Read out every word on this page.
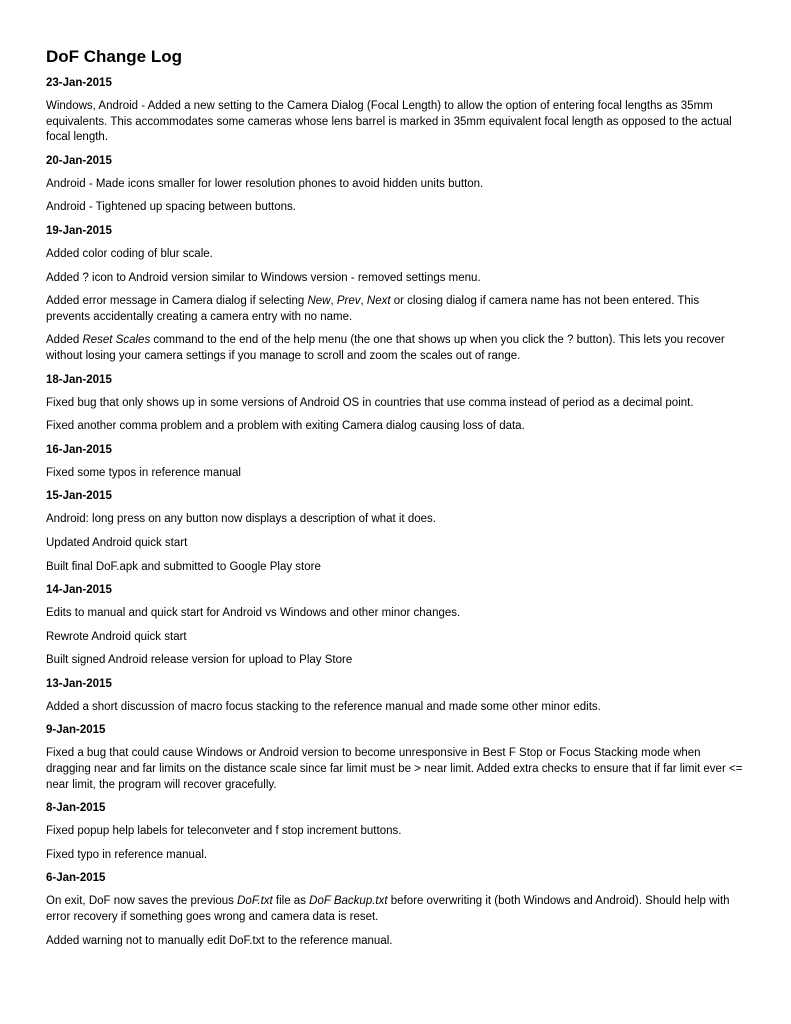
DoF Change Log
23-Jan-2015

Windows, Android - Added a new setting to the Camera Dialog (Focal Length) to allow the option of entering focal lengths as 35mm equivalents. This accommodates some cameras whose lens barrel is marked in 35mm equivalent focal length as opposed to the actual focal length.

20-Jan-2015

Android - Made icons smaller for lower resolution phones to avoid hidden units button.

Android - Tightened up spacing between buttons.

19-Jan-2015

Added color coding of blur scale.

Added ? icon to Android version similar to Windows version - removed settings menu.

Added error message in Camera dialog if selecting New, Prev, Next or closing dialog if camera name has not been entered. This prevents accidentally creating a camera entry with no name.

Added Reset Scales command to the end of the help menu (the one that shows up when you click the ? button). This lets you recover without losing your camera settings if you manage to scroll and zoom the scales out of range.

18-Jan-2015

Fixed bug that only shows up in some versions of Android OS in countries that use comma instead of period as a decimal point.

Fixed another comma problem and a problem with exiting Camera dialog causing loss of data.

16-Jan-2015

Fixed some typos in reference manual

15-Jan-2015

Android: long press on any button now displays a description of what it does.

Updated Android quick start

Built final DoF.apk and submitted to Google Play store

14-Jan-2015

Edits to manual and quick start for Android vs Windows and other minor changes.

Rewrote Android quick start

Built signed Android release version for upload to Play Store

13-Jan-2015

Added a short discussion of macro focus stacking to the reference manual and made some other minor edits.

9-Jan-2015

Fixed a bug that could cause Windows or Android version to become unresponsive in Best F Stop or Focus Stacking mode when dragging near and far limits on the distance scale since far limit must be > near limit. Added extra checks to ensure that if far limit ever <= near limit, the program will recover gracefully.

8-Jan-2015

Fixed popup help labels for teleconveter and f stop increment buttons.

Fixed typo in reference manual.

6-Jan-2015

On exit, DoF now saves the previous DoF.txt file as DoF Backup.txt before overwriting it (both Windows and Android). Should help with error recovery if something goes wrong and camera data is reset.

Added warning not to manually edit DoF.txt to the reference manual.
